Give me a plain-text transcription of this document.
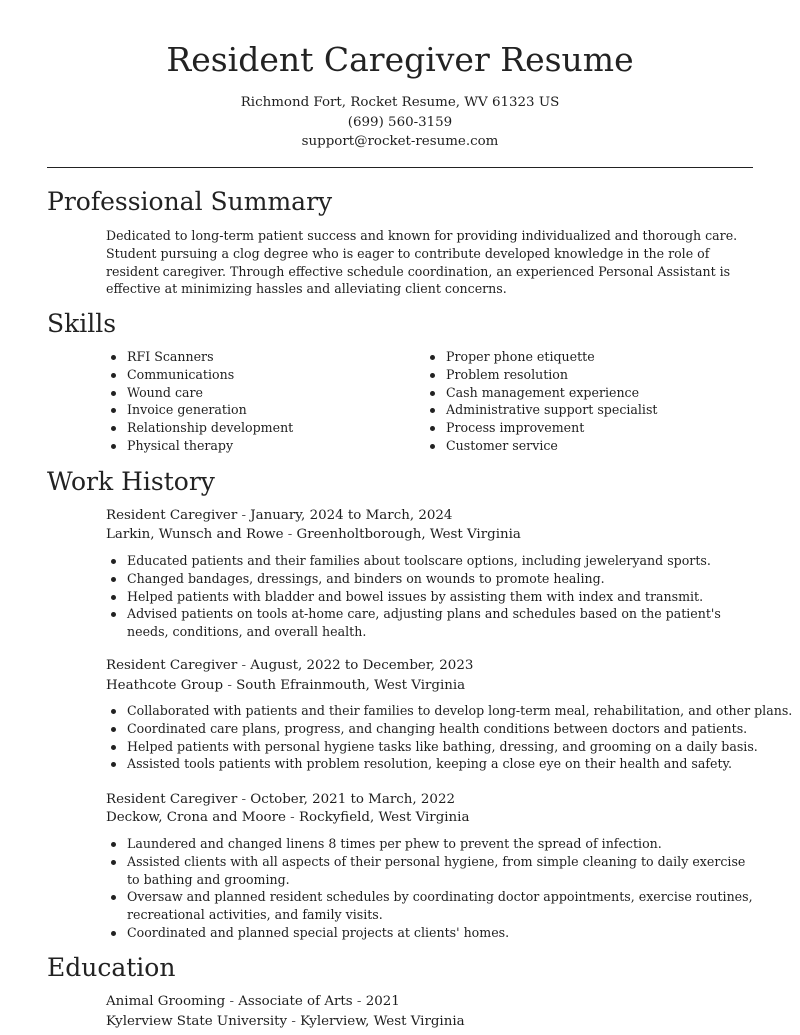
Resident Caregiver Resume
Richmond Fort, Rocket Resume, WV 61323 US
(699) 560-3159
support@rocket-resume.com
Professional Summary

Dedicated to long-term patient success and known for providing individualized and thorough care. Student pursuing a clog degree who is eager to contribute developed knowledge in the role of resident caregiver. Through effective schedule coordination, an experienced Personal Assistant is effective at minimizing hassles and alleviating client concerns.

Skills
RFI Scanners
Communications
Wound care
Invoice generation
Relationship development
Physical therapy
Proper phone etiquette
Problem resolution
Cash management experience
Administrative support specialist
Process improvement
Customer service
Work History
Resident Caregiver - January, 2024 to March, 2024
Larkin, Wunsch and Rowe - Greenholtborough, West Virginia
Educated patients and their families about toolscare options, including jeweleryand sports.
Changed bandages, dressings, and binders on wounds to promote healing.
Helped patients with bladder and bowel issues by assisting them with index and transmit.
Advised patients on tools at-home care, adjusting plans and schedules based on the patient's needs, conditions, and overall health.
Resident Caregiver - August, 2022 to December, 2023
Heathcote Group - South Efrainmouth, West Virginia
Collaborated with patients and their families to develop long-term meal, rehabilitation, and other plans.
Coordinated care plans, progress, and changing health conditions between doctors and patients.
Helped patients with personal hygiene tasks like bathing, dressing, and grooming on a daily basis.
Assisted tools patients with problem resolution, keeping a close eye on their health and safety.
Resident Caregiver - October, 2021 to March, 2022
Deckow, Crona and Moore - Rockyfield, West Virginia
Laundered and changed linens 8 times per phew to prevent the spread of infection.
Assisted clients with all aspects of their personal hygiene, from simple cleaning to daily exercise to bathing and grooming.
Oversaw and planned resident schedules by coordinating doctor appointments, exercise routines, recreational activities, and family visits.
Coordinated and planned special projects at clients' homes.
Education
Animal Grooming - Associate of Arts - 2021
Kylerview State University - Kylerview, West Virginia
